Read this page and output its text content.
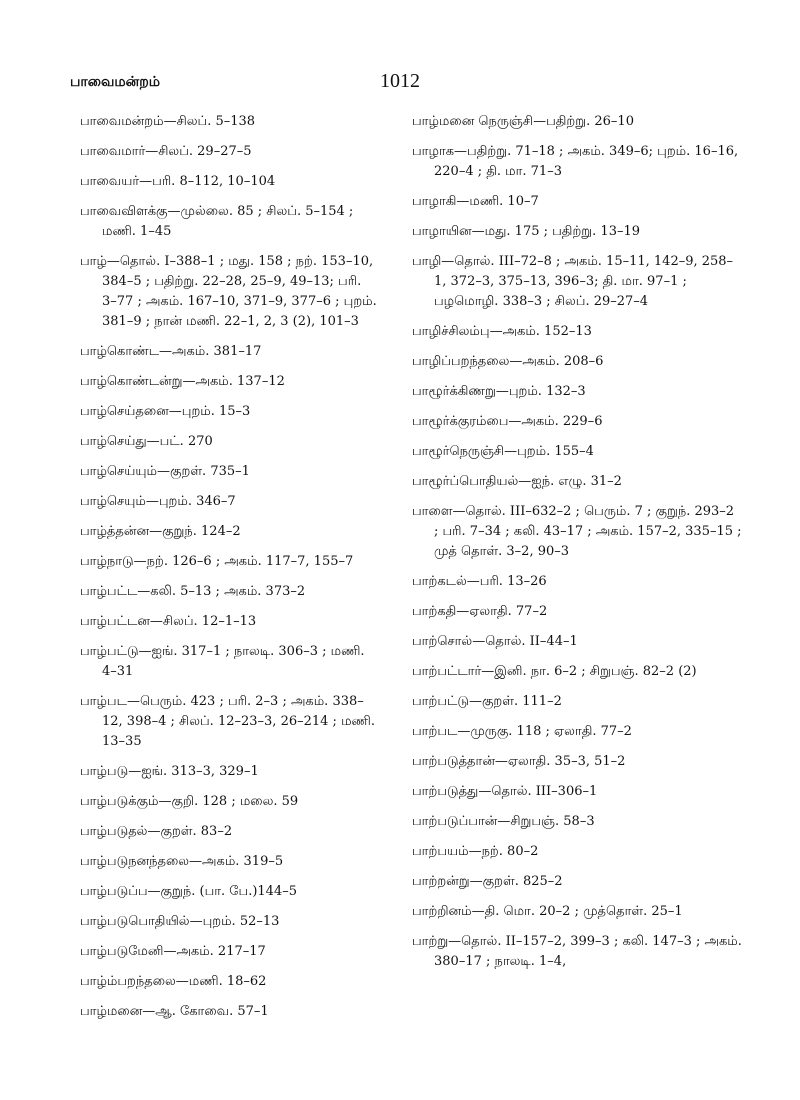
பாவைமன்றம்	1012
பாவைமன்றம்—சிலப். 5–138
பாவைமார்—சிலப். 29–27–5
பாவையர்—பரி. 8–112, 10–104
பாவைவிளக்கு—முல்லை. 85 ; சிலப். 5–154 ; மணி. 1–45
பாழ்—தொல். I–388–1 ; மது. 158 ; நற். 153–10, 384–5 ; பதிற்று. 22–28, 25–9, 49–13; பரி. 3–77 ; அகம். 167–10, 371–9, 377–6 ; புறம். 381–9 ; நான் மணி. 22–1, 2, 3 (2), 101–3
பாழ்கொண்ட—அகம். 381–17
பாழ்கொண்டன்று—அகம். 137–12
பாழ்செய்தனை—புறம். 15–3
பாழ்செய்து—பட். 270
பாழ்செய்யும்—குறள். 735–1
பாழ்செயும்—புறம். 346–7
பாழ்த்தன்ன—குறுந். 124–2
பாழ்நாடு—நற். 126–6 ; அகம். 117–7, 155–7
பாழ்பட்ட—கலி. 5–13 ; அகம். 373–2
பாழ்பட்டன—சிலப். 12–1–13
பாழ்பட்டு—ஐங். 317–1 ; நாலடி. 306–3 ; மணி. 4–31
பாழ்பட—பெரும். 423 ; பரி. 2–3 ; அகம். 338–12, 398–4 ; சிலப். 12–23–3, 26–214 ; மணி. 13–35
பாழ்படு—ஐங். 313–3, 329–1
பாழ்படுக்கும்—குறி. 128 ; மலை. 59
பாழ்படுதல்—குறள். 83–2
பாழ்படுநனந்தலை—அகம். 319–5
பாழ்படுப்ப—குறுந். (பா. பே.)144–5
பாழ்படுபொதியில்—புறம். 52–13
பாழ்படுமேனி—அகம். 217–17
பாழ்ம்பறந்தலை—மணி. 18–62
பாழ்மனை—ஆ. கோவை. 57–1
பாழ்மனை நெருஞ்சி—பதிற்று. 26–10
பாழாக—பதிற்று. 71–18 ; அகம். 349–6; புறம். 16–16, 220–4 ; தி. மா. 71–3
பாழாகி—மணி. 10–7
பாழாயின—மது. 175 ; பதிற்று. 13–19
பாழி—தொல். III–72–8 ; அகம். 15–11, 142–9, 258–1, 372–3, 375–13, 396–3; தி. மா. 97–1 ; பழமொழி. 338–3 ; சிலப். 29–27–4
பாழிச்சிலம்பு—அகம். 152–13
பாழிப்பறந்தலை—அகம். 208–6
பாழூர்க்கிணறு—புறம். 132–3
பாழூர்க்குரம்பை—அகம். 229–6
பாழூர்நெருஞ்சி—புறம். 155–4
பாழூர்ப்பொதியல்—ஐந். எழு. 31–2
பாளை—தொல். III–632–2 ; பெரும். 7 ; குறுந். 293–2 ; பரி. 7–34 ; கலி. 43–17 ; அகம். 157–2, 335–15 ; முத் தொள். 3–2, 90–3
பாற்கடல்—பரி. 13–26
பாற்கதி—ஏலாதி. 77–2
பாற்சொல்—தொல். II–44–1
பாற்பட்டார்—இனி. நா. 6–2 ; சிறுபஞ். 82–2 (2)
பாற்பட்டு—குறள். 111–2
பாற்பட—முருகு. 118 ; ஏலாதி. 77–2
பாற்படுத்தான்—ஏலாதி. 35–3, 51–2
பாற்படுத்து—தொல். III–306–1
பாற்படுப்பான்—சிறுபஞ். 58–3
பாற்பயம்—நற். 80–2
பாற்றன்று—குறள். 825–2
பாற்றினம்—தி. மொ. 20–2 ; முத்தொள். 25–1
பாற்று—தொல். II–157–2, 399–3 ; கலி. 147–3 ; அகம். 380–17 ; நாலடி. 1–4,
